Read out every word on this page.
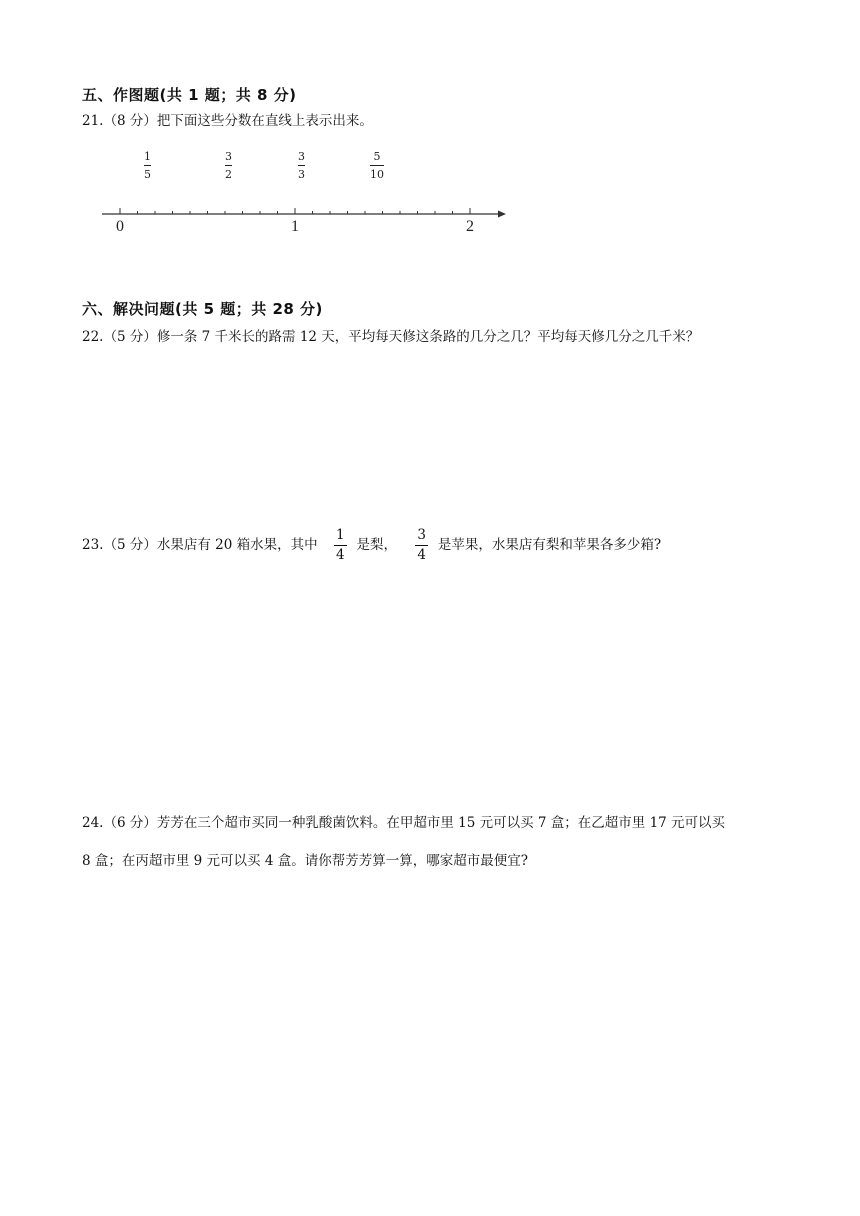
五、作图题(共 1 题；共 8 分)
21.（8 分）把下面这些分数在直线上表示出来。
1
5
3
2
3
3
5
10
0	1	2
六、解决问题(共 5 题；共 28 分)
22.（5 分）修一条 7 千米长的路需 12 天，平均每天修这条路的几分之几？平均每天修几分之几千米？
23.（5 分）水果店有 20 箱水果，其中 $\frac{1}{4}$ 是梨， $\frac{3}{4}$ 是苹果，水果店有梨和苹果各多少箱?
24.（6 分）芳芳在三个超市买同一种乳酸菌饮料。在甲超市里 15 元可以买 7 盒；在乙超市里 17 元可以买
8 盒；在丙超市里 9 元可以买 4 盒。请你帮芳芳算一算，哪家超市最便宜?
